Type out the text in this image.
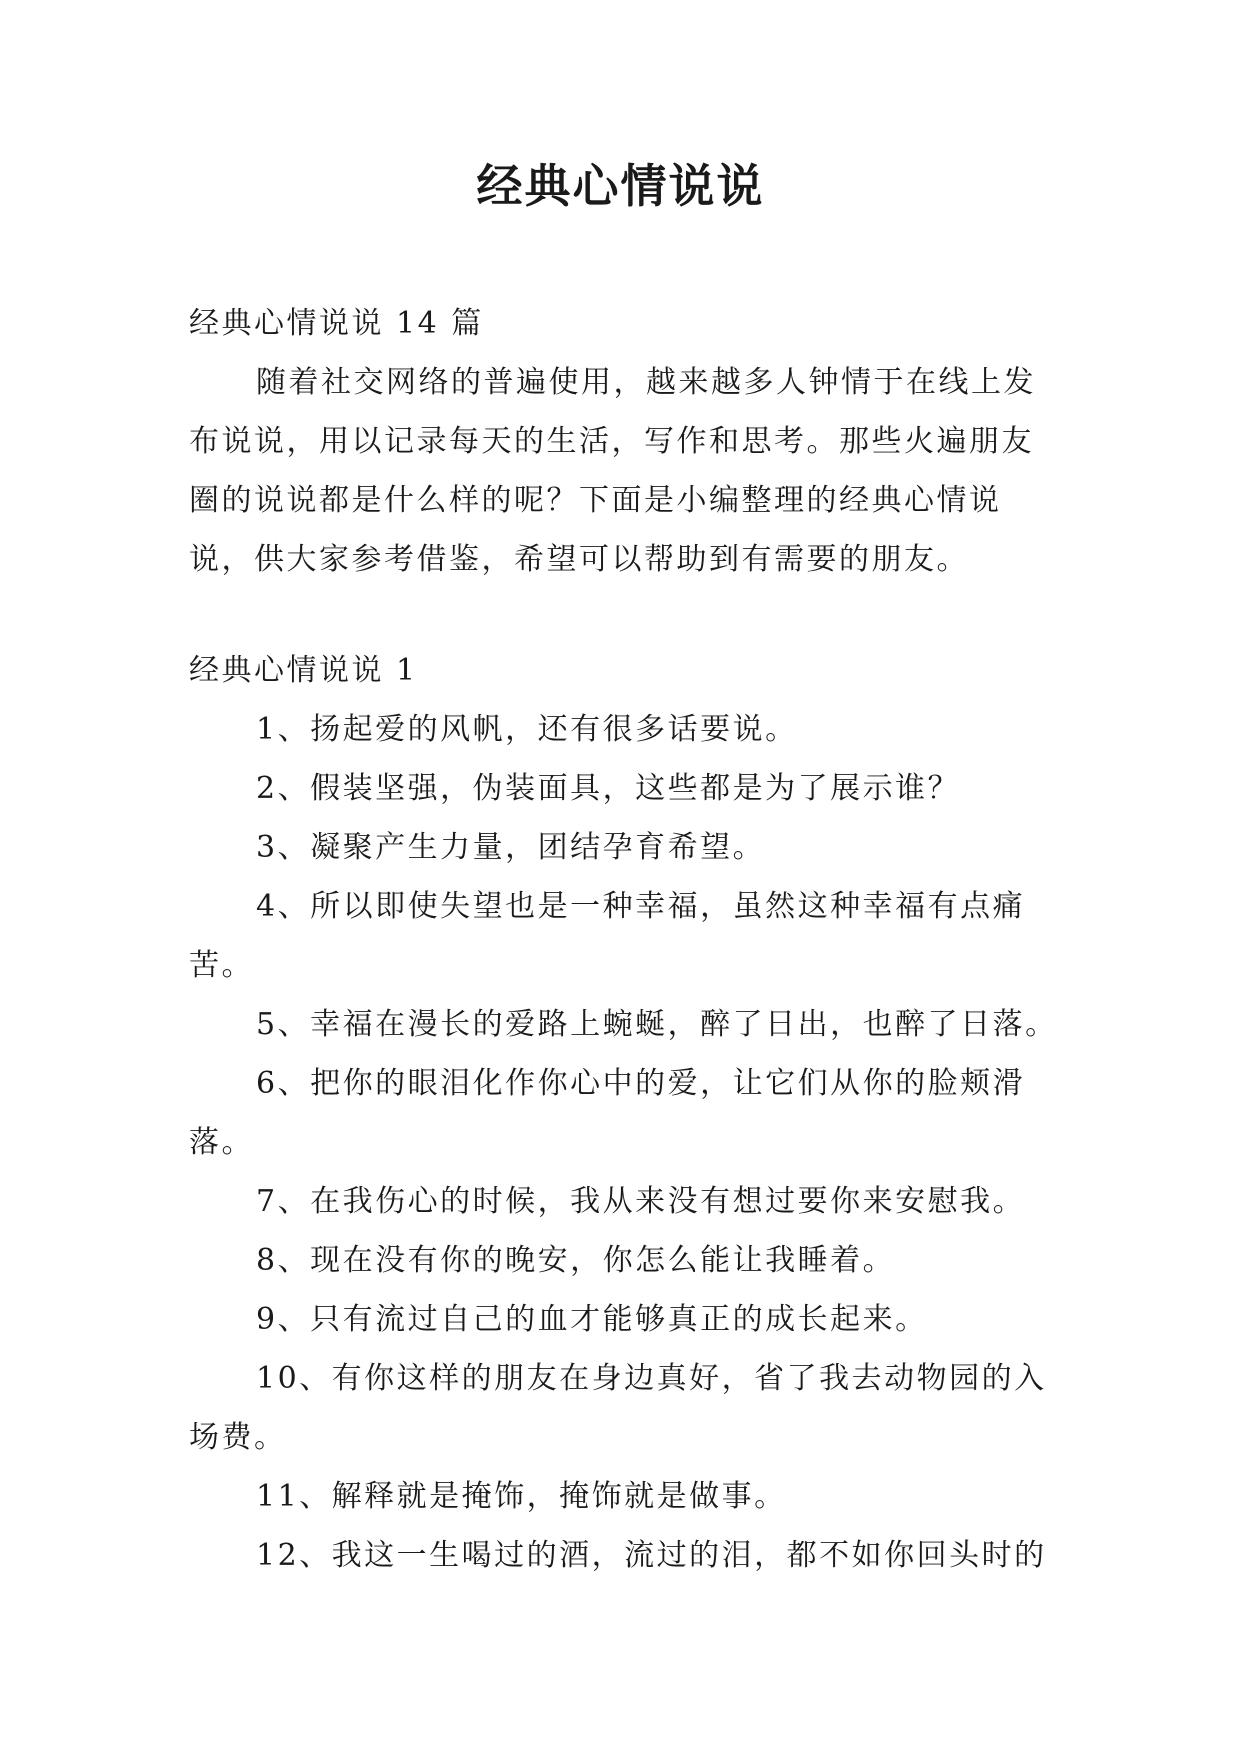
经典心情说说
经典心情说说 14 篇
随着社交网络的普遍使用，越来越多人钟情于在线上发
布说说，用以记录每天的生活，写作和思考。那些火遍朋友
圈的说说都是什么样的呢？下面是小编整理的经典心情说
说，供大家参考借鉴，希望可以帮助到有需要的朋友。
经典心情说说 1
1、扬起爱的风帆，还有很多话要说。
2、假装坚强，伪装面具，这些都是为了展示谁？
3、凝聚产生力量，团结孕育希望。
4、所以即使失望也是一种幸福，虽然这种幸福有点痛
苦。
5、幸福在漫长的爱路上蜿蜒，醉了日出，也醉了日落。
6、把你的眼泪化作你心中的爱，让它们从你的脸颊滑
落。
7、在我伤心的时候，我从来没有想过要你来安慰我。
8、现在没有你的晚安，你怎么能让我睡着。
9、只有流过自己的血才能够真正的成长起来。
10、有你这样的朋友在身边真好，省了我去动物园的入
场费。
11、解释就是掩饰，掩饰就是做事。
12、我这一生喝过的酒，流过的泪，都不如你回头时的
